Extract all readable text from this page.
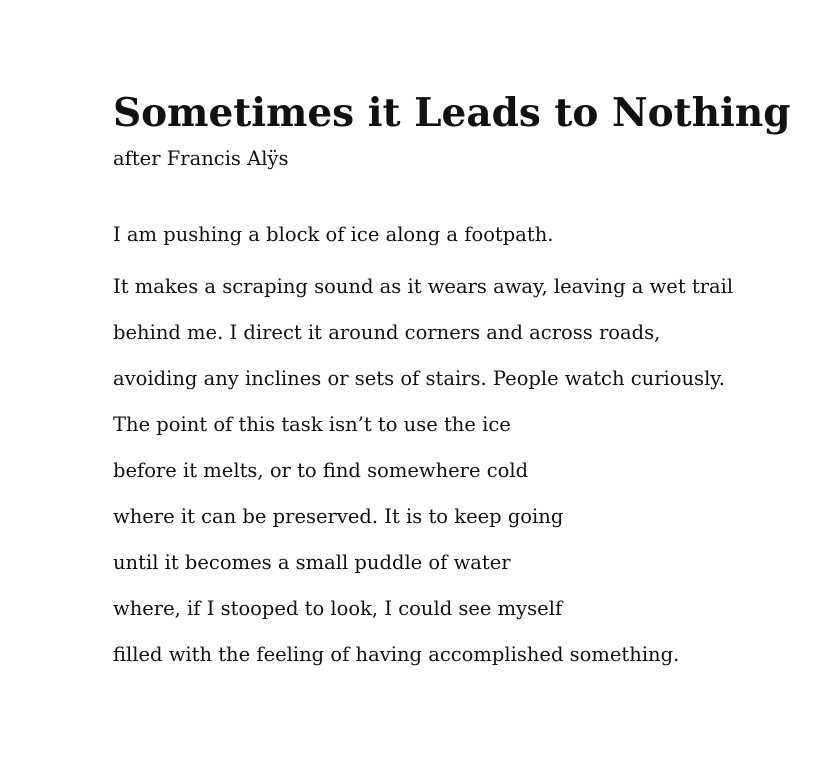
Sometimes it Leads to Nothing

after Francis Alÿs

I am pushing a block of ice along a footpath.
It makes a scraping sound as it wears away, leaving a wet trail
behind me. I direct it around corners and across roads,
avoiding any inclines or sets of stairs. People watch curiously.
The point of this task isn’t to use the ice
before it melts, or to find somewhere cold
where it can be preserved. It is to keep going
until it becomes a small puddle of water
where, if I stooped to look, I could see myself
filled with the feeling of having accomplished something.
